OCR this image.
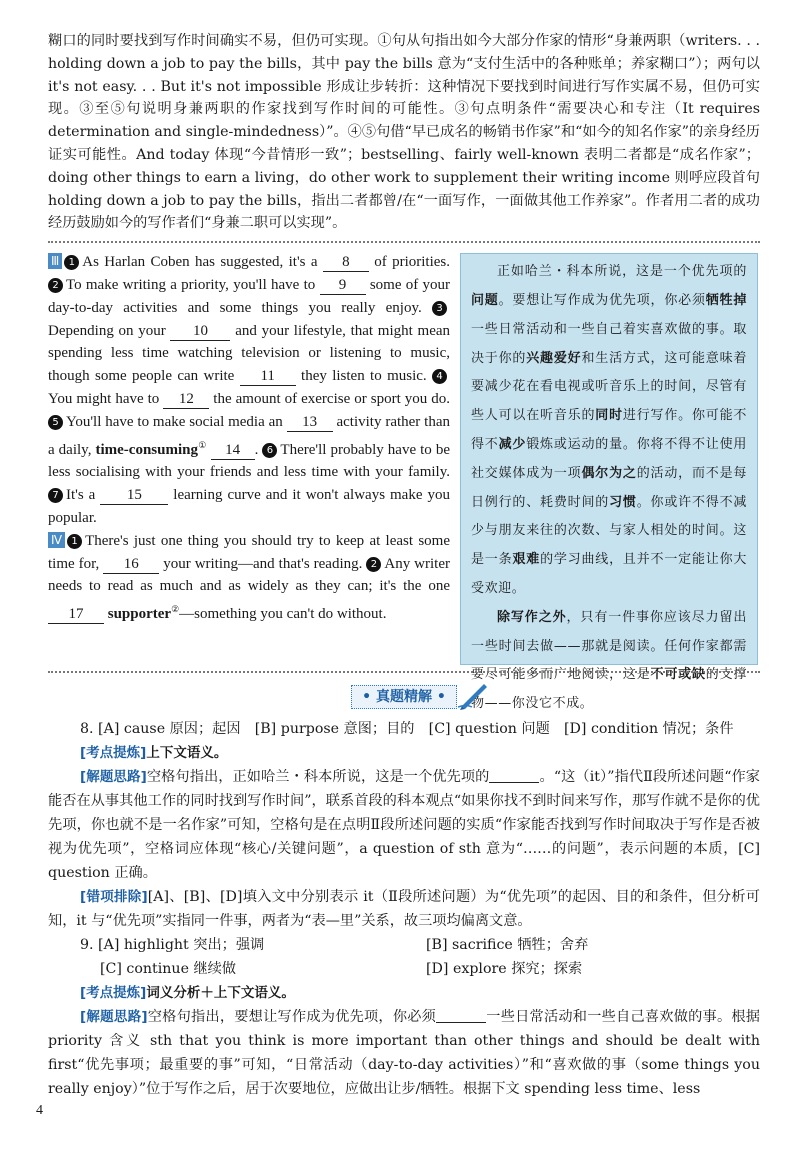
糊口的同时要找到写作时间确实不易，但仍可实现。①句从句指出如今大部分作家的情形“身兼两职（writers. . . holding down a job to pay the bills，其中 pay the bills 意为“支付生活中的各种账单；养家糊口”）；两句以 it's not easy. . . But it's not impossible 形成让步转折：这种情况下要找到时间进行写作实属不易，但仍可实现。③至⑤句说明身兼两职的作家找到写作时间的可能性。③句点明条件“需要决心和专注（It requires determination and single-mindedness）”。④⑤句借“早已成名的畅销书作家”和“如今的知名作家”的亲身经历证实可能性。And today 体现“今昔情形一致”；bestselling、fairly well-known 表明二者都是“成名作家”；doing other things to earn a living，do other work to supplement their writing income 则呼应段首句 holding down a job to pay the bills，指出二者都曾/在“一面写作，一面做其他工作养家”。作者用二者的成功经历鼓励如今的写作者们“身兼二职可以实现”。

Ⅲ 1 As Harlan Coben has suggested, it's a 8 of priorities. 2 To make writing a priority, you'll have to 9 some of your day-to-day activities and some things you really enjoy. 3Depending on your 10 and your lifestyle, that might mean spending less time watching television or listening to music, though some people can write 11 they listen to music. 4You might have to 12 the amount of exercise or sport you do. 5 You'll have to make social media an 13 activity rather than a daily, time-consuming① 14 . 6 There'll probably have to be less socialising with your friends and less time with your family. 7 It's a 15 learning curve and it won't always make you popular.

Ⅳ 1 There's just one thing you should try to keep at least some time for, 16 your writing—and that's reading. 2 Any writer needs to read as much and as widely as they can; it's the one 17 supporter②—something you can't do without.

正如哈兰・科本所说，这是一个优先项的问题。要想让写作成为优先项，你必须牺牲掉一些日常活动和一些自己着实喜欢做的事。取决于你的兴趣爱好和生活方式，这可能意味着要减少花在看电视或听音乐上的时间，尽管有些人可以在听音乐的同时进行写作。你可能不得不减少锻炼或运动的量。你将不得不让使用社交媒体成为一项偶尔为之的活动，而不是每日例行的、耗费时间的习惯。你或许不得不减少与朋友来往的次数、与家人相处的时间。这是一条艰难的学习曲线，且并不一定能让你大受欢迎。

除写作之外，只有一件事你应该尽力留出一些时间去做——那就是阅读。任何作家都需要尽可能多而广地阅读，这是不可或缺的支撑物——你没它不成。

• 真题精解 •

8. [A] cause 原因；起因　[B] purpose 意图；目的　[C] question 问题　[D] condition 情况；条件

[考点提炼]上下文语义。

[解题思路]空格句指出，正如哈兰・科本所说，这是一个优先项的	。“这（it）”指代Ⅱ段所述问题“作家能否在从事其他工作的同时找到写作时间”，联系首段的科本观点“如果你找不到时间来写作，那写作就不是你的优先项，你也就不是一名作家”可知，空格句是在点明Ⅱ段所述问题的实质“作家能否找到写作时间取决于写作是否被视为优先项”，空格词应体现“核心/关键问题”，a question of sth 意为“……的问题”，表示问题的本质，[C] question 正确。

[错项排除][A]、[B]、[D]填入文中分别表示 it（Ⅱ段所述问题）为“优先项”的起因、目的和条件，但分析可知，it 与“优先项”实指同一件事，两者为“表—里”关系，故三项均偏离文意。

9. [A] highlight 突出；强调	[B] sacrifice 牺牲；舍弃
[C] continue 继续做	[D] explore 探究；探索

[考点提炼]词义分析＋上下文语义。

[解题思路]空格句指出，要想让写作成为优先项，你必须	一些日常活动和一些自己喜欢做的事。根据 priority 含义 sth that you think is more important than other things and should be dealt with first“优先事项；最重要的事”可知，“日常活动（day-to-day activities）”和“喜欢做的事（some things you really enjoy）”位于写作之后，居于次要地位，应做出让步/牺牲。根据下文 spending less time、less

4
